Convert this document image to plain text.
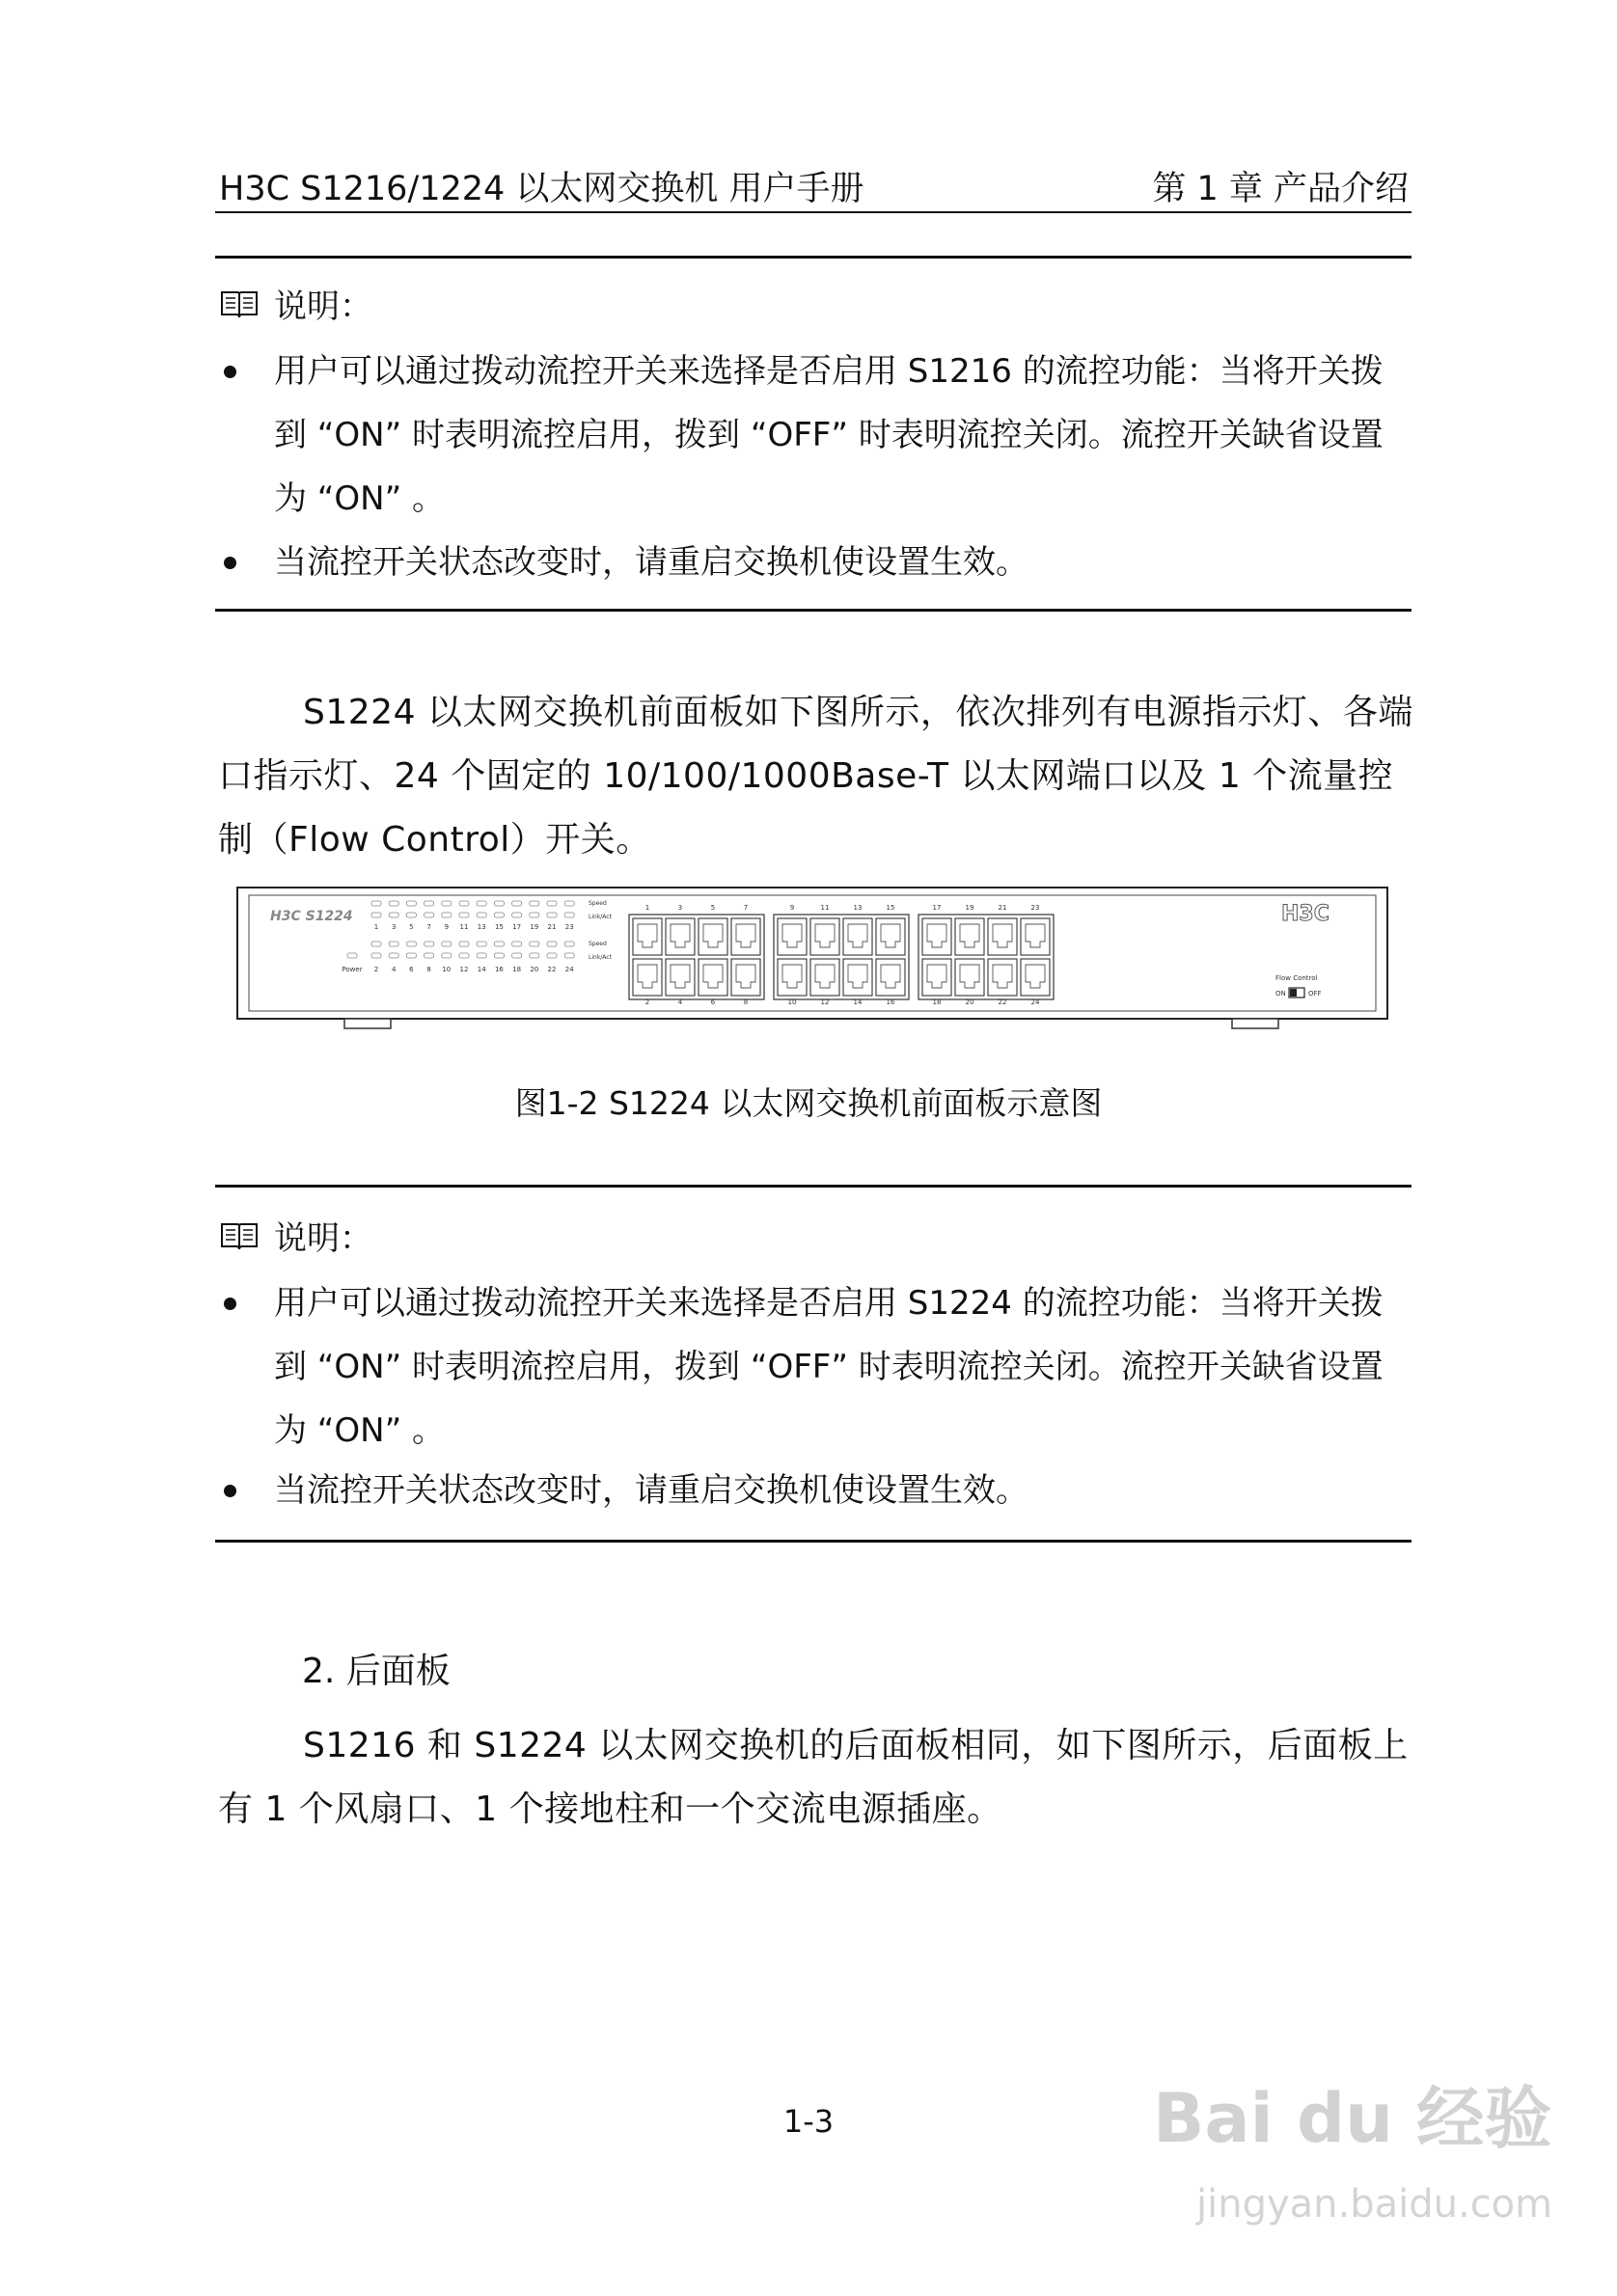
H3C S1216/1224 以太网交换机 用户手册	第 1 章 产品介绍
说明：
用户可以通过拨动流控开关来选择是否启用 S1216 的流控功能：当将开关拨到 “ON” 时表明流控启用，拨到 “OFF” 时表明流控关闭。流控开关缺省设置为 “ON” 。
当流控开关状态改变时，请重启交换机使设置生效。
S1224 以太网交换机前面板如下图所示，依次排列有电源指示灯、各端口指示灯、24 个固定的 10/100/1000Base-T 以太网端口以及 1 个流量控制（Flow Control）开关。
H3C S1224	H3C
1
2
3
4
5
6
7
8
9
10
11
12
13
14
15
16
17
18
19
20
21
22
23
24
Speed
Link/Act
Speed
Link/Act
Power
1
2
3
4
5
6
7
8
9
10
11
12
13
14
15
16
17
18
19
20
21
22
23
24
Flow Control
ON	OFF
图1-2 S1224 以太网交换机前面板示意图
说明：
用户可以通过拨动流控开关来选择是否启用 S1224 的流控功能：当将开关拨到 “ON” 时表明流控启用，拨到 “OFF” 时表明流控关闭。流控开关缺省设置为 “ON” 。
当流控开关状态改变时，请重启交换机使设置生效。
2. 后面板
S1216 和 S1224 以太网交换机的后面板相同，如下图所示，后面板上有 1 个风扇口、1 个接地柱和一个交流电源插座。
1-3	Bai du 经验
jingyan.baidu.com
